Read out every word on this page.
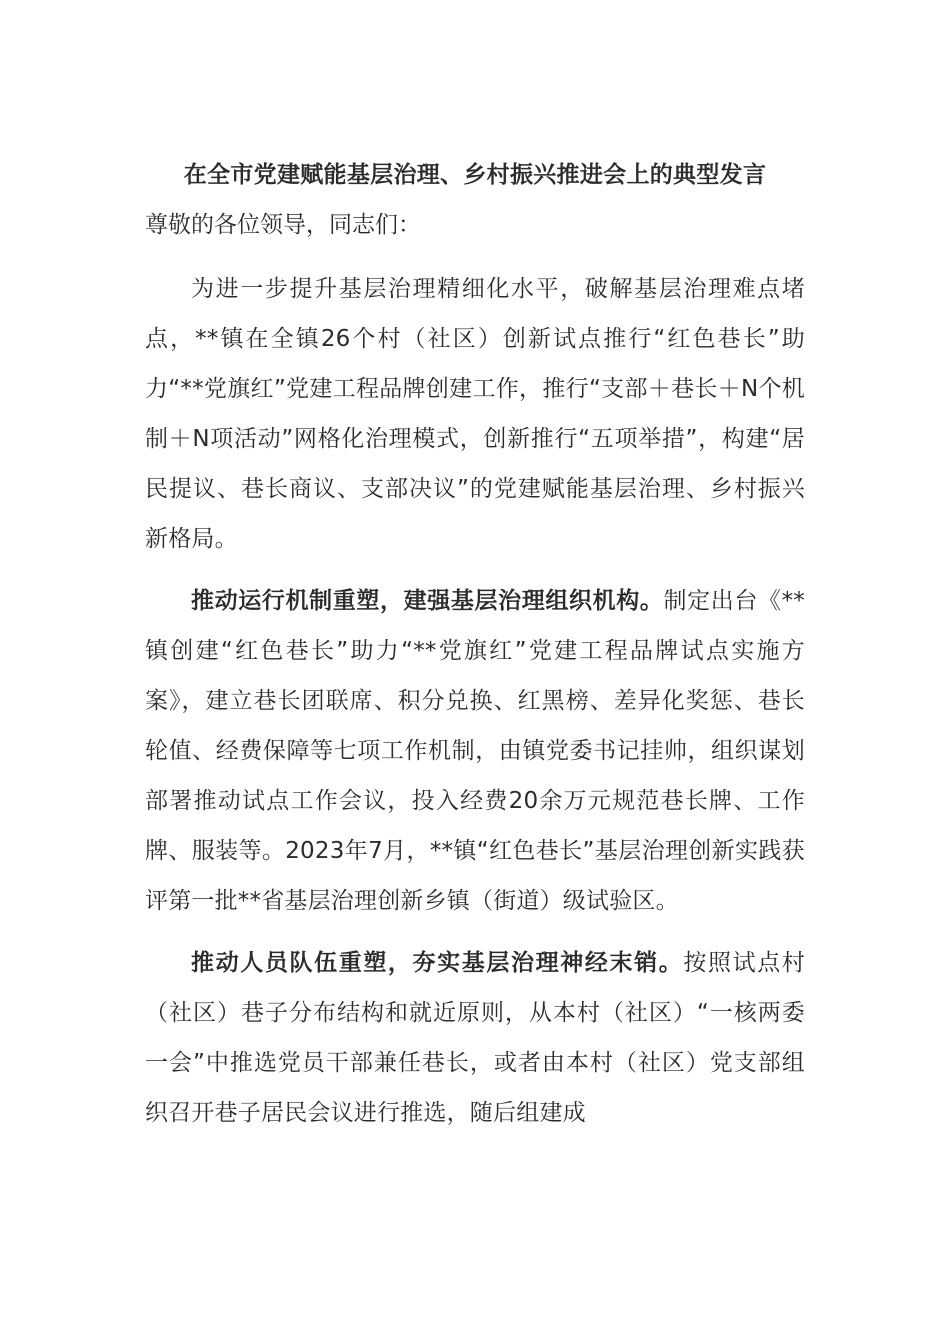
在全市党建赋能基层治理、乡村振兴推进会上的典型发言

尊敬的各位领导，同志们：

为进一步提升基层治理精细化水平，破解基层治理难点堵点，**镇在全镇26个村（社区）创新试点推行“红色巷长”助力“**党旗红”党建工程品牌创建工作，推行“支部＋巷长＋N个机制＋N项活动”网格化治理模式，创新推行“五项举措”，构建“居民提议、巷长商议、支部决议”的党建赋能基层治理、乡村振兴新格局。

推动运行机制重塑，建强基层治理组织机构。制定出台《**镇创建“红色巷长”助力“**党旗红”党建工程品牌试点实施方案》，建立巷长团联席、积分兑换、红黑榜、差异化奖惩、巷长轮值、经费保障等七项工作机制，由镇党委书记挂帅，组织谋划部署推动试点工作会议，投入经费20余万元规范巷长牌、工作牌、服装等。2023年7月，**镇“红色巷长”基层治理创新实践获评第一批**省基层治理创新乡镇（街道）级试验区。

推动人员队伍重塑，夯实基层治理神经末销。按照试点村（社区）巷子分布结构和就近原则，从本村（社区）“一核两委一会”中推选党员干部兼任巷长，或者由本村（社区）党支部组织召开巷子居民会议进行推选，随后组建成
